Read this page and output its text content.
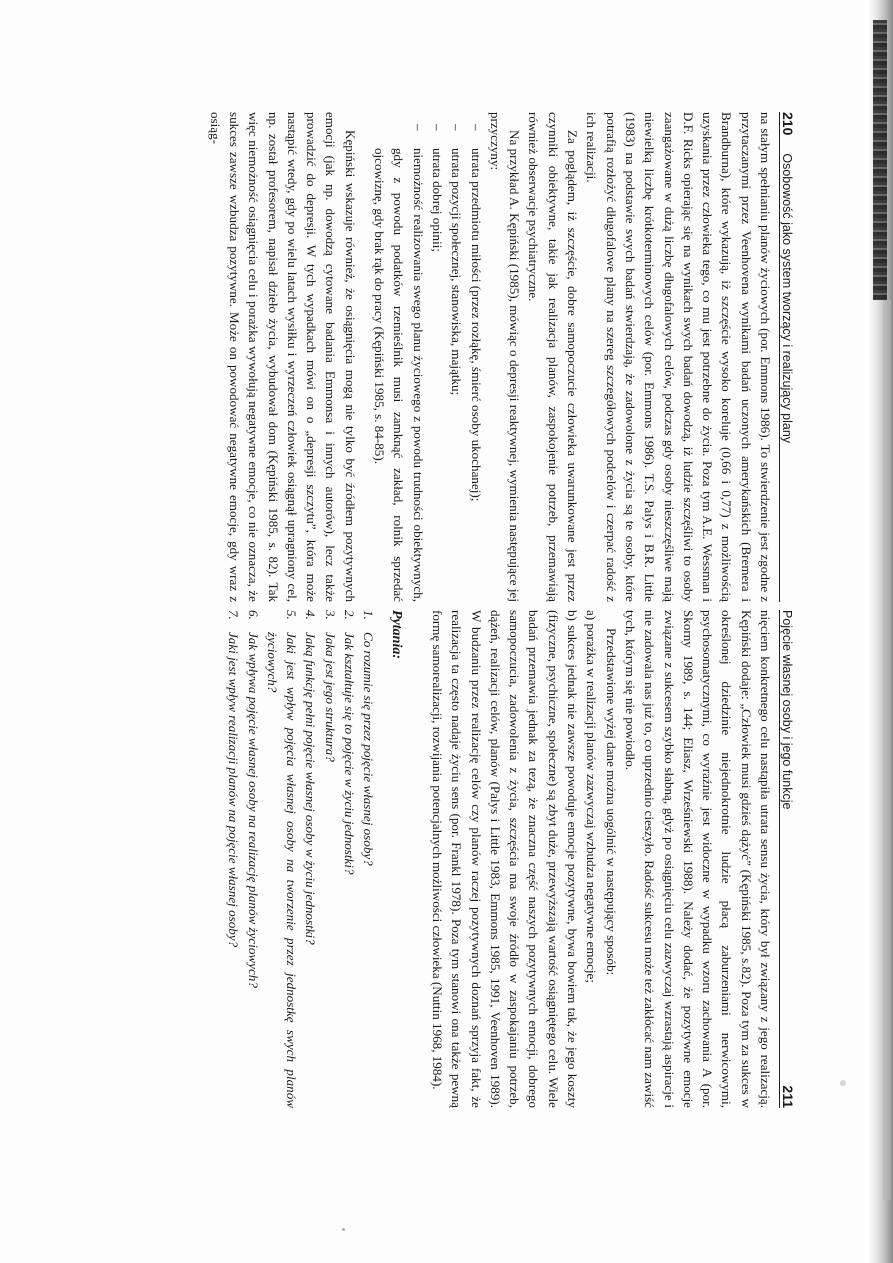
210
Osobowość jako system tworzący i realizujący plany
Pojęcie własnej osoby i jego funkcje
211

na stałym spełnianiu planów życiowych (por. Emmons 1986). To stwierdzenie jest zgodne z przytaczanymi przez Veenhovena wynikami badań uczonych amerykańskich (Bremera i Brandburna), które wykazują, iż szczęście wysoko koreluje (0,66 i 0,77) z możliwością uzyskania przez człowieka tego, co mu jest potrzebne do życia. Poza tym A.E. Wessman i D.F. Ricks opierając się na wynikach swych badań dowodzą, iż ludzie szczęśliwi to osoby zaangażowane w dużą liczbę długofalowych celów, podczas gdy osoby nieszczęśliwe mają niewielką liczbę krótkoterminowych celów (por. Emmons 1986). T.S. Palys i B.R. Little (1983) na podstawie swych badań stwierdzają, że zadowolone z życia są te osoby, które potrafią rozłożyć długofalowe plany na szereg szczegółowych podcelów i czerpać radość z ich realizacji.

Za poglądem, iż szczęście, dobre samopoczucie człowieka uwarunkowane jest przez czynniki obiektywne, takie jak realizacja planów, zaspokojenie potrzeb, przemawiają również obserwacje psychiatryczne.

Na przykład A. Kępiński (1985), mówiąc o depresji reaktywnej, wymienia następujące jej przyczyny:

–
utrata przedmiotu miłości (przez rozłąkę, śmierć osoby ukochanej);
–
utrata pozycji społecznej, stanowiska, majątku;
–
utrata dobrej opinii;
–
niemożność realizowania swego planu życiowego z powodu trudności obiektywnych, gdy z powodu podatków rzemieślnik musi zamknąć zakład, rolnik sprzedać ojcowiznę, gdy brak rąk do pracy (Kępiński 1985, s. 84-85).

Kępiński wskazuje również, że osiągnięcia mogą nie tylko być źródłem pozytywnych emocji (jak np. dowodzą cytowane badania Emmonsa i innych autorów), lecz także prowadzić do depresji. W tych wypadkach mówi on o „depresji szczytu”, która może nastąpić wtedy, gdy po wielu latach wysiłku i wyrzeczeń człowiek osiągnął upragniony cel, np. został profesorem, napisał dzieło życia, wybudował dom (Kępiński 1985, s. 82). Tak więc niemożność osiągnięcia celu i porażka wywołują negatywne emocje, co nie oznacza, że sukces zawsze wzbudza pozytywne. Może on powodować negatywne emocje, gdy wraz z osiąg-

nięciem konkretnego celu nastąpiła utrata sensu życia, który był związany z jego realizacją. Kępiński dodaje: „Człowiek musi gdzieś dążyć” (Kępiński 1985, s.82). Poza tym za sukces w określonej dziedzinie niejednokrotnie ludzie płacą zaburzeniami nerwicowymi, psychosomatycznymi, co wyraźnie jest widoczne w wypadku wzoru zachowania A (por. Skorny 1989, s. 144; Eliasz, Wrześniewski 1988). Należy dodać, że pozytywne emocje związane z sukcesem szybko słabną, gdyż po osiągnięciu celu zazwyczaj wzrastają aspiracje i nie zadowala nas już to, co uprzednio cieszyło. Radość sukcesu może też zakłócać nam zawiść tych, którym się nie powiodło.

Przedstawione wyżej dane można uogólnić w następujący sposób:

a) porażka w realizacji planów zazwyczaj wzbudza negatywne emocje;

b) sukces jednak nie zawsze powoduje emocje pozytywne, bywa bowiem tak, że jego koszty (fizyczne, psychiczne, społeczne) są zbyt duże, przewyższają wartość osiągniętego celu. Wiele badań przemawia jednak za tezą, że znaczna część naszych pozytywnych emocji, dobrego samopoczucia, zadowolenia z życia, szczęścia ma swoje źródło w zaspokajaniu potrzeb, dążeń, realizacji celów, planów (Palys i Little 1983, Emmons 1985, 1991, Veenhoven 1989). W budzaniu przez realizację celów czy planów raczej pozytywnych doznań sprzyja fakt, że realizacja ta często nadaje życiu sens (por. Frankl 1978). Poza tym stanowi ona także pewną formę samorealizacji, rozwijania potencjalnych możliwości człowieka (Nuttin 1968, 1984).

Pytania:
1.
Co rozumie się przez pojęcie własnej osoby?
2.
Jak kształtuje się to pojęcie w życiu jednostki?
3.
Jaka jest jego struktura?
4.
Jaką funkcję pełni pojęcie własnej osoby w życiu jednostki?
5.
Jaki jest wpływ pojęcia własnej osoby na tworzenie przez jednostkę swych planów życiowych?
6.
Jak wpływa pojęcie własnej osoby na realizację planów życiowych?
7.
Jaki jest wpływ realizacji planów na pojęcie własnej osoby?
